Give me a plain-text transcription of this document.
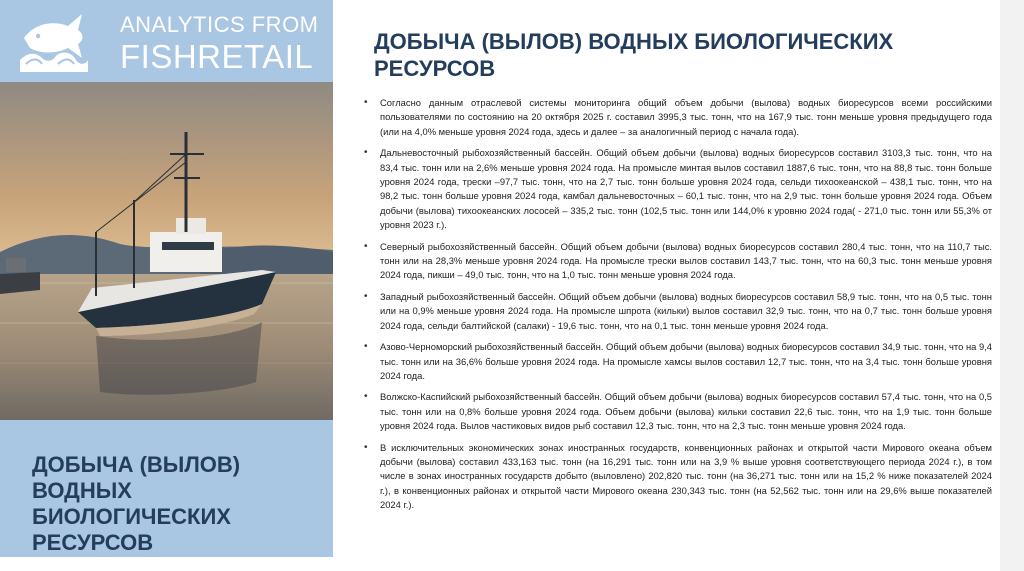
ANALYTICS FROM
FISHRETAIL
ДОБЫЧА (ВЫЛОВ) ВОДНЫХ БИОЛОГИЧЕСКИХ РЕСУРСОВ
ДОБЫЧА (ВЫЛОВ) ВОДНЫХ БИОЛОГИЧЕСКИХ РЕСУРСОВ
• Согласно данным отраслевой системы мониторинга общий объем добычи (вылова) водных биоресурсов всеми российскими пользователями по состоянию на 20 октября 2025 г. составил 3995,3 тыс. тонн, что на 167,9 тыс. тонн меньше уровня предыдущего года (или на 4,0% меньше уровня 2024 года, здесь и далее – за аналогичный период с начала года).
• Дальневосточный рыбохозяйственный бассейн. Общий объем добычи (вылова) водных биоресурсов составил 3103,3 тыс. тонн, что на 83,4 тыс. тонн или на 2,6% меньше уровня 2024 года. На промысле минтая вылов составил 1887,6 тыс. тонн, что на 88,8 тыс. тонн больше уровня 2024 года, трески –97,7 тыс. тонн, что на 2,7 тыс. тонн больше уровня 2024 года, сельди тихоокеанской – 438,1 тыс. тонн, что на 98,2 тыс. тонн больше уровня 2024 года, камбал дальневосточных – 60,1 тыс. тонн, что на 2,9 тыс. тонн больше уровня 2024 года. Объем добычи (вылова) тихоокеанских лососей – 335,2 тыс. тонн (102,5 тыс. тонн или 144,0% к уровню 2024 года( - 271,0 тыс. тонн или 55,3% от уровня 2023 г.).
• Северный рыбохозяйственный бассейн. Общий объем добычи (вылова) водных биоресурсов составил 280,4 тыс. тонн, что на 110,7 тыс. тонн или на 28,3% меньше уровня 2024 года. На промысле трески вылов составил 143,7 тыс. тонн, что на 60,3 тыс. тонн меньше уровня 2024 года, пикши – 49,0 тыс. тонн, что на 1,0 тыс. тонн меньше уровня 2024 года.
• Западный рыбохозяйственный бассейн. Общий объем добычи (вылова) водных биоресурсов составил 58,9 тыс. тонн, что на 0,5 тыс. тонн или на 0,9% меньше уровня 2024 года. На промысле шпрота (кильки) вылов составил 32,9 тыс. тонн, что на 0,7 тыс. тонн больше уровня 2024 года, сельди балтийской (салаки) - 19,6 тыс. тонн, что на 0,1 тыс. тонн меньше уровня 2024 года.
• Азово-Черноморский рыбохозяйственный бассейн. Общий объем добычи (вылова) водных биоресурсов составил 34,9 тыс. тонн, что на 9,4 тыс. тонн или на 36,6% больше уровня 2024 года. На промысле хамсы вылов составил 12,7 тыс. тонн, что на 3,4 тыс. тонн больше уровня 2024 года.
• Волжско-Каспийский рыбохозяйственный бассейн. Общий объем добычи (вылова) водных биоресурсов составил 57,4 тыс. тонн, что на 0,5 тыс. тонн или на 0,8% больше уровня 2024 года. Объем добычи (вылова) кильки составил 22,6 тыс. тонн, что на 1,9 тыс. тонн больше уровня 2024 года. Вылов частиковых видов рыб составил 12,3 тыс. тонн, что на 2,3 тыс. тонн меньше уровня 2024 года.
• В исключительных экономических зонах иностранных государств, конвенционных районах и открытой части Мирового океана объем добычи (вылова) составил 433,163 тыс. тонн (на 16,291 тыс. тонн или на 3,9 % выше уровня соответствующего периода 2024 г.), в том числе в зонах иностранных государств добыто (выловлено) 202,820 тыс. тонн (на 36,271 тыс. тонн или на 15,2 % ниже показателей 2024 г.), в конвенционных районах и открытой части Мирового океана 230,343 тыс. тонн (на 52,562 тыс. тонн или на 29,6% выше показателей 2024 г.).
